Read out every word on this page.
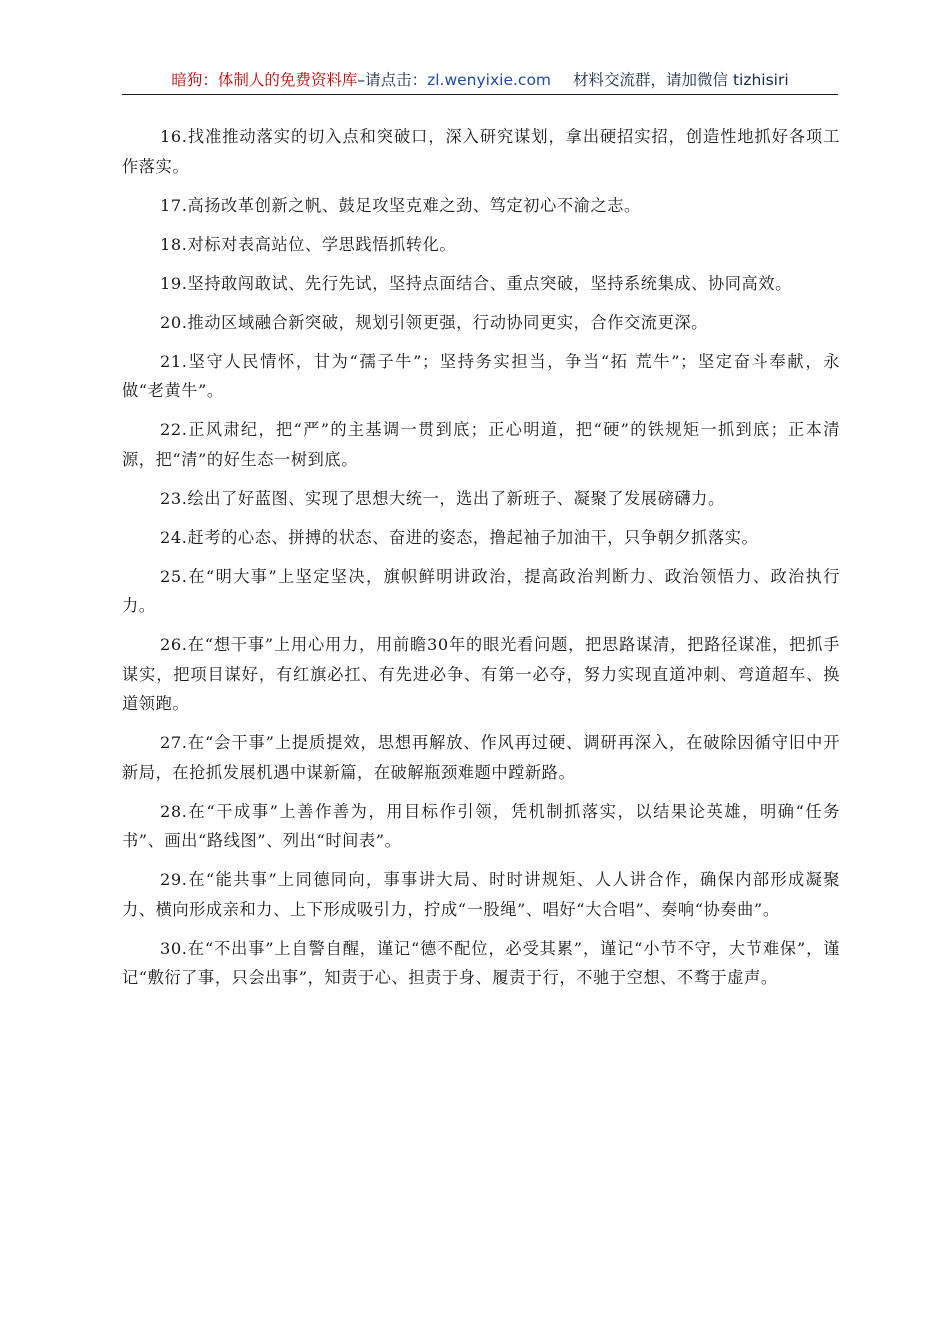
暗狗：体制人的免费资料库–请点击：zl.wenyixie.com 材料交流群，请加微信 tizhisiri

16.找准推动落实的切入点和突破口，深入研究谋划，拿出硬招实招，创造性地抓好各项工作落实。

17.高扬改革创新之帆、鼓足攻坚克难之劲、笃定初心不渝之志。

18.对标对表高站位、学思践悟抓转化。

19.坚持敢闯敢试、先行先试，坚持点面结合、重点突破，坚持系统集成、协同高效。

20.推动区域融合新突破，规划引领更强，行动协同更实，合作交流更深。

21.坚守人民情怀，甘为“孺子牛”；坚持务实担当，争当“拓 荒牛”；坚定奋斗奉献，永做“老黄牛”。

22.正风肃纪，把“严”的主基调一贯到底；正心明道，把“硬”的铁规矩一抓到底；正本清源，把“清”的好生态一树到底。

23.绘出了好蓝图、实现了思想大统一，选出了新班子、凝聚了发展磅礴力。

24.赶考的心态、拼搏的状态、奋进的姿态，撸起袖子加油干，只争朝夕抓落实。

25.在“明大事”上坚定坚决，旗帜鲜明讲政治，提高政治判断力、政治领悟力、政治执行力。

26.在“想干事”上用心用力，用前瞻30年的眼光看问题，把思路谋清，把路径谋准，把抓手谋实，把项目谋好，有红旗必扛、有先进必争、有第一必夺，努力实现直道冲刺、弯道超车、换道领跑。

27.在“会干事”上提质提效，思想再解放、作风再过硬、调研再深入，在破除因循守旧中开新局，在抢抓发展机遇中谋新篇，在破解瓶颈难题中蹚新路。

28.在“干成事”上善作善为，用目标作引领，凭机制抓落实，以结果论英雄，明确“任务书”、画出“路线图”、列出“时间表”。

29.在“能共事”上同德同向，事事讲大局、时时讲规矩、人人讲合作，确保内部形成凝聚力、横向形成亲和力、上下形成吸引力，拧成“一股绳”、唱好“大合唱”、奏响“协奏曲”。

30.在“不出事”上自警自醒，谨记“德不配位，必受其累”，谨记“小节不守，大节难保”，谨记“敷衍了事，只会出事”，知责于心、担责于身、履责于行，不驰于空想、不骛于虚声。
